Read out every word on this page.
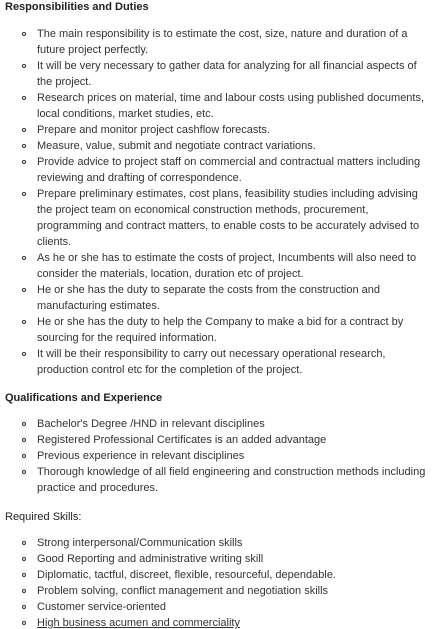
Responsibilities and Duties
The main responsibility is to estimate the cost, size, nature and duration of a future project perfectly.
It will be very necessary to gather data for analyzing for all financial aspects of the project.
Research prices on material, time and labour costs using published documents, local conditions, market studies, etc.
Prepare and monitor project cashflow forecasts.
Measure, value, submit and negotiate contract variations.
Provide advice to project staff on commercial and contractual matters including reviewing and drafting of correspondence.
Prepare preliminary estimates, cost plans, feasibility studies including advising the project team on economical construction methods, procurement, programming and contract matters, to enable costs to be accurately advised to clients.
As he or she has to estimate the costs of project, Incumbents will also need to consider the materials, location, duration etc of project.
He or she has the duty to separate the costs from the construction and manufacturing estimates.
He or she has the duty to help the Company to make a bid for a contract by sourcing for the required information.
It will be their responsibility to carry out necessary operational research, production control etc for the completion of the project.
Qualifications and Experience
Bachelor's Degree /HND in relevant disciplines
Registered Professional Certificates is an added advantage
Previous experience in relevant disciplines
Thorough knowledge of all field engineering and construction methods including practice and procedures.
Required Skills:
Strong interpersonal/Communication skills
Good Reporting and administrative writing skill
Diplomatic, tactful, discreet, flexible, resourceful, dependable.
Problem solving, conflict management and negotiation skills
Customer service-oriented
High business acumen and commerciality
